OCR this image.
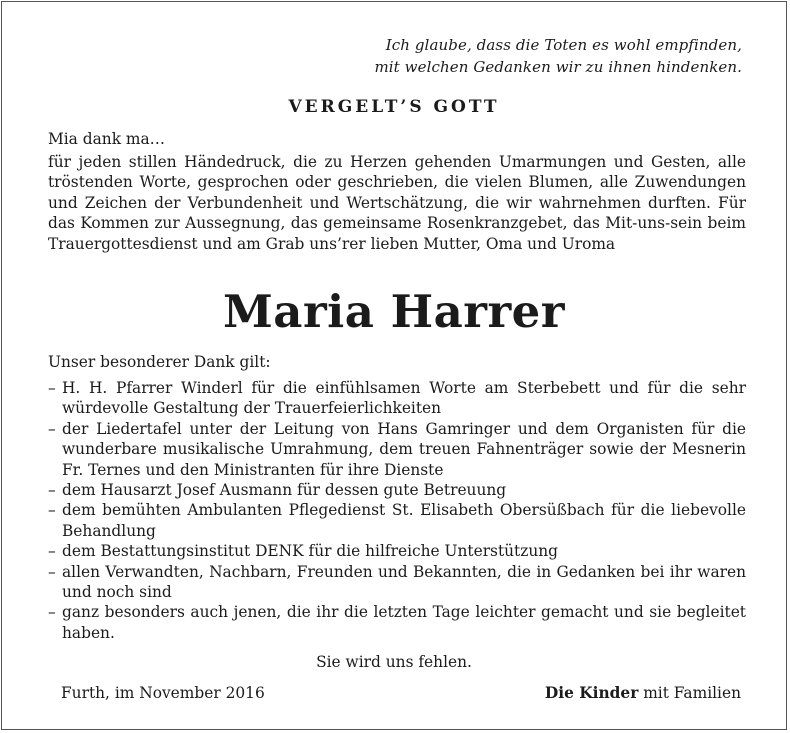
Ich glaube, dass die Toten es wohl empfinden,
mit welchen Gedanken wir zu ihnen hindenken.
VERGELT’S GOTT
Mia dank ma…
für jeden stillen Händedruck, die zu Herzen gehenden Umarmungen und Gesten, alle tröstenden Worte, gesprochen oder geschrieben, die vielen Blumen, alle Zuwendungen und Zeichen der Verbundenheit und Wertschätzung, die wir wahrnehmen durften. Für das Kommen zur Aussegnung, das gemeinsame Rosenkranzgebet, das Mit-uns-sein beim Trauergottesdienst und am Grab uns’rer lieben Mutter, Oma und Uroma
Maria Harrer
Unser besonderer Dank gilt:
– H. H. Pfarrer Winderl für die einfühlsamen Worte am Sterbebett und für die sehr würdevolle Gestaltung der Trauerfeierlichkeiten
– der Liedertafel unter der Leitung von Hans Gamringer und dem Organisten für die wunderbare musikalische Umrahmung, dem treuen Fahnenträger sowie der Mesnerin Fr. Ternes und den Ministranten für ihre Dienste
– dem Hausarzt Josef Ausmann für dessen gute Betreuung
– dem bemühten Ambulanten Pflegedienst St. Elisabeth Obersüßbach für die liebevolle Behandlung
– dem Bestattungsinstitut DENK für die hilfreiche Unterstützung
– allen Verwandten, Nachbarn, Freunden und Bekannten, die in Gedanken bei ihr waren und noch sind
– ganz besonders auch jenen, die ihr die letzten Tage leichter gemacht und sie begleitet haben.
Sie wird uns fehlen.
Furth, im November 2016	Die Kinder mit Familien
